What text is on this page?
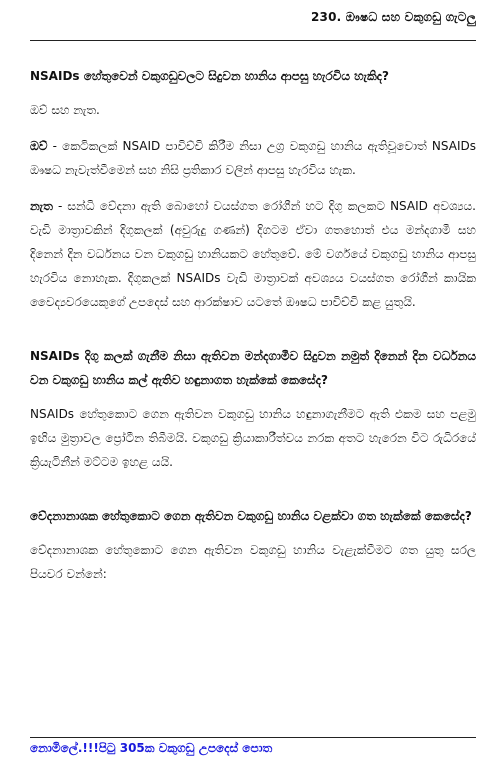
230. ඖෂධ සහ වකුගඩු ගැටලු

NSAIDs හේතුවෙන් වකුගඩුවලට සිදුවන හානිය ආපසු හැරවිය හැකිද?

ඔව් සහ නැත.

ඔව් - කෙටිකලක් NSAID පාවිච්චි කිරීම නිසා උග්‍ර වකුගඩු හානිය ඇතිවූවොත් NSAIDs ඖෂධ නැවැත්වීමෙන් සහ නිසි ප්‍රතිකාර වලින් ආපසු හැරවිය හැක.

නැත - සන්ධි වේදනා ඇති බොහෝ වයස්ගත රෝගීන් හට දිගු කලකට NSAID අවශ්‍යය. වැඩි මාත්‍රාවකින් දිගුකලක් (අවුරුදු ගණන්) දිගටම ඒවා ගතහොත් එය මන්දගාමී සහ දිනෙන් දින වර්ධනය වන වකුගඩු හානියකට හේතුවේ. මේ වර්ගයේ වකුගඩු හානිය ආපසු හැරවිය නොහැක. දිගුකලක් NSAIDs වැඩි මාත්‍රාවක් අවශ්‍යය වයස්ගත රෝගීන් කායික වෛද්‍යවරයෙකුගේ උපදෙස් සහ ආරක්ෂාව යටතේ ඖෂධ පාවිච්චි කළ යුතුයි.

NSAIDs දිගු කලක් ගැනීම නිසා ඇතිවන මන්දගාමීව සිදුවන නමුත් දිනෙන් දින වර්ධනය වන වකුගඩු හානිය කල් ඇතිව හඳුනාගත හැක්කේ කෙසේද?

NSAIDs හේතුකොට ගෙන ඇතිවන වකුගඩු හානිය හඳුනාගැනීමට ඇති එකම සහ පළමු ඉඟිය මුත්‍රාවල ප්‍රෝටීන තිබීමයි. වකුගඩු ක්‍රියාකාරීත්වය නරක අතට හැරෙන විට රුධිරයේ ක්‍රියැටිනීන් මට්ටම ඉහළ යයි.

වේදනානාශක හේතුකොට ගෙන ඇතිවන වකුගඩු හානිය වළක්වා ගත හැක්කේ කෙසේද?

වේදනානාශක හේතුකොට ගෙන ඇතිවන වකුගඩු හානිය වැළැක්වීමට ගත යුතු සරල පියවර වන්නේ:

නොමිලේ.!!!පිටු 305ක වකුගඩු උපදෙස් පොත
